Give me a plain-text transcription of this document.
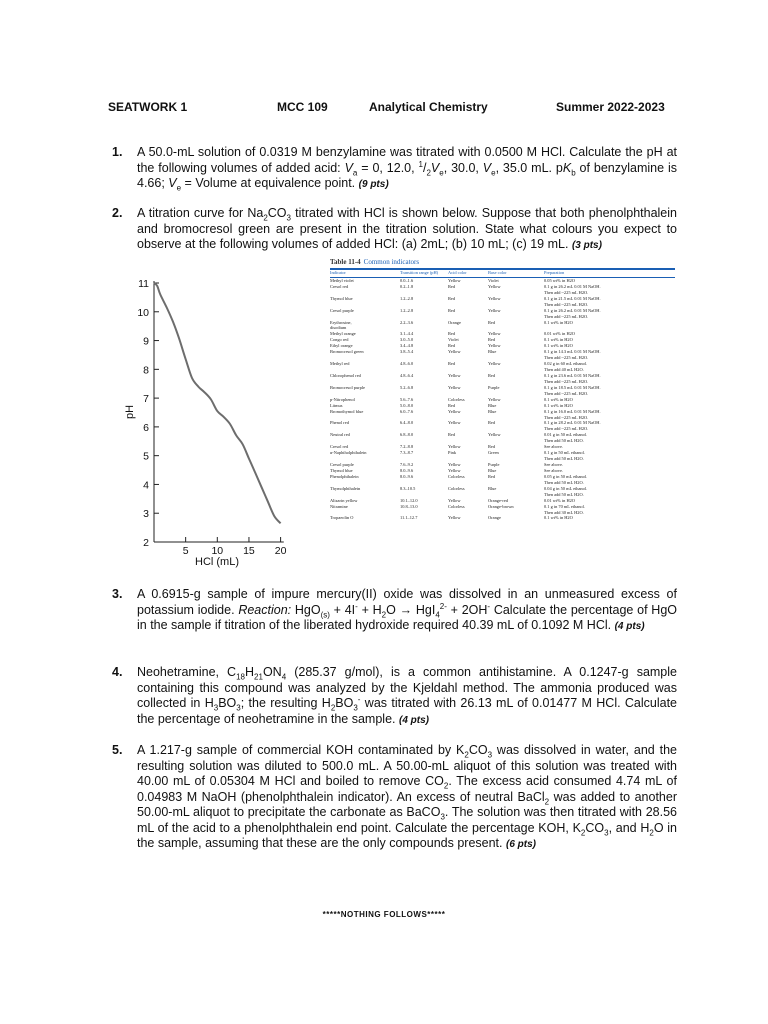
SEATWORK 1	MCC 109	Analytical Chemistry	Summer 2022-2023
1. A 50.0-mL solution of 0.0319 M benzylamine was titrated with 0.0500 M HCl. Calculate the pH at the following volumes of added acid: $V_a = 0$, 12.0, $^1/_2V_e$, 30.0, $V_e$, 35.0 mL. $pK_b$ of benzylamine is 4.66; $V_e$ = Volume at equivalence point. (9 pts)
2. A titration curve for $Na_2CO_3$ titrated with HCl is shown below. Suppose that both phenolphthalein and bromocresol green are present in the titration solution. State what colours you expect to observe at the following volumes of added HCl: (a) 2mL; (b) 10 mL; (c) 19 mL. (3 pts)
2
3
4
5
6
7
8
9
10
11
5 10 15 20
HCl (mL)
pH
Table 11-4 Common indicators
Indicator	Transition range (pH)	Acid color	Base color	Preparation
Methyl violet	0.0–1.6	Yellow	Violet	0.05 wt% in H2O
Cresol red	0.2–1.8	Red	Yellow	0.1 g in 26.2 mL 0.01 M NaOH.
Then add ~225 mL H2O.
Thymol blue	1.2–2.8	Red	Yellow	0.1 g in 21.5 mL 0.01 M NaOH.
Then add ~225 mL H2O.
Cresol purple	1.2–2.8	Red	Yellow	0.1 g in 26.2 mL 0.01 M NaOH.
Then add ~225 mL H2O.
Erythrosine,	2.2–3.6	Orange	Red	0.1 wt% in H2O
disodium
Methyl orange	3.1–4.4	Red	Yellow	0.01 wt% in H2O
Congo red	3.0–5.0	Violet	Red	0.1 wt% in H2O
Ethyl orange	3.4–4.8	Red	Yellow	0.1 wt% in H2O
Bromocresol green	3.8–5.4	Yellow	Blue	0.1 g in 14.3 mL 0.01 M NaOH.
Then add ~225 mL H2O.
Methyl red	4.8–6.0	Red	Yellow	0.02 g in 60 mL ethanol.
Then add 40 mL H2O.
Chlorophenol red	4.8–6.4	Yellow	Red	0.1 g in 23.6 mL 0.01 M NaOH.
Then add ~225 mL H2O.
Bromocresol purple	5.2–6.8	Yellow	Purple	0.1 g in 18.5 mL 0.01 M NaOH.
Then add ~225 mL H2O.
p-Nitrophenol	5.6–7.6	Colorless	Yellow	0.1 wt% in H2O
Litmus	5.0–8.0	Red	Blue	0.1 wt% in H2O
Bromothymol blue	6.0–7.6	Yellow	Blue	0.1 g in 16.0 mL 0.01 M NaOH.
Then add ~225 mL H2O.
Phenol red	6.4–8.0	Yellow	Red	0.1 g in 28.2 mL 0.01 M NaOH.
Then add ~225 mL H2O.
Neutral red	6.8–8.0	Red	Yellow	0.01 g in 50 mL ethanol.
Then add 50 mL H2O.
Cresol red	7.2–8.8	Yellow	Red	See above.
α-Naphtholphthalein	7.3–8.7	Pink	Green	0.1 g in 50 mL ethanol.
Then add 50 mL H2O.
Cresol purple	7.6–9.2	Yellow	Purple	See above.
Thymol blue	8.0–9.6	Yellow	Blue	See above.
Phenolphthalein	8.0–9.6	Colorless	Red	0.05 g in 50 mL ethanol.
Then add 50 mL H2O.
Thymolphthalein	8.3–10.5	Colorless	Blue	0.04 g in 50 mL ethanol.
Then add 50 mL H2O.
Alizarin yellow	10.1–12.0	Yellow	Orange-red	0.01 wt% in H2O
Nitramine	10.8–13.0	Colorless	Orange-brown	0.1 g in 70 mL ethanol.
Then add 30 mL H2O.
Tropaeolin O	11.1–12.7	Yellow	Orange	0.1 wt% in H2O
3. A 0.6915-g sample of impure mercury(II) oxide was dissolved in an unmeasured excess of potassium iodide. Reaction: $HgO_{(s)} + 4I^- + H_2O \to HgI_4^{2-} + 2OH^-$ Calculate the percentage of HgO in the sample if titration of the liberated hydroxide required 40.39 mL of 0.1092 M HCl. (4 pts)
4. Neohetramine, $C_{18}H_{21}ON_4$ (285.37 g/mol), is a common antihistamine. A 0.1247-g sample containing this compound was analyzed by the Kjeldahl method. The ammonia produced was collected in $H_3BO_3$; the resulting $H_2BO_3^-$ was titrated with 26.13 mL of 0.01477 M HCl. Calculate the percentage of neohetramine in the sample. (4 pts)
5. A 1.217-g sample of commercial KOH contaminated by $K_2CO_3$ was dissolved in water, and the resulting solution was diluted to 500.0 mL. A 50.00-mL aliquot of this solution was treated with 40.00 mL of 0.05304 M HCl and boiled to remove $CO_2$. The excess acid consumed 4.74 mL of 0.04983 M NaOH (phenolphthalein indicator). An excess of neutral BaCl$_2$ was added to another 50.00-mL aliquot to precipitate the carbonate as BaCO$_3$. The solution was then titrated with 28.56 mL of the acid to a phenolphthalein end point. Calculate the percentage KOH, $K_2CO_3$, and $H_2O$ in the sample, assuming that these are the only compounds present. (6 pts)
*****NOTHING FOLLOWS*****
